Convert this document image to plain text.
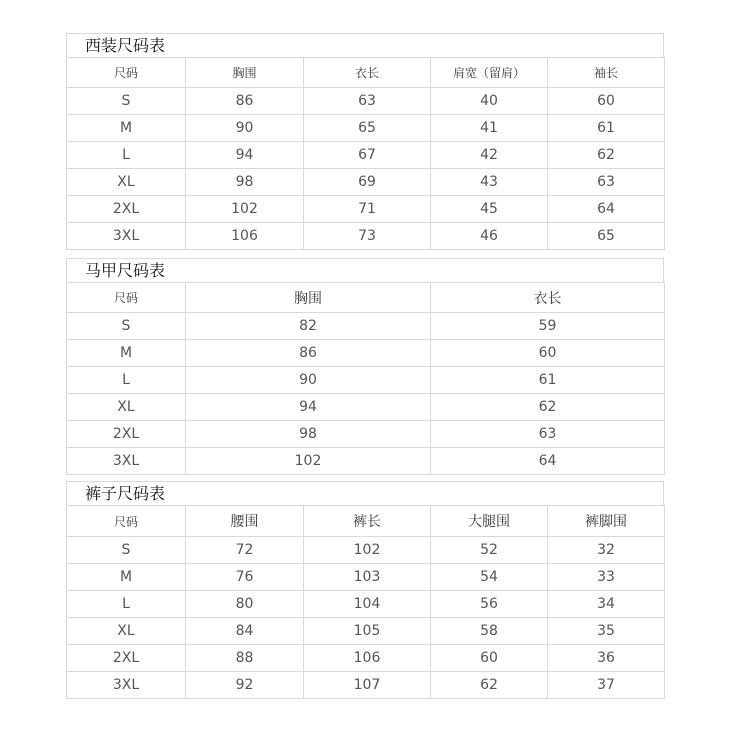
西装尺码表
尺码	胸围	衣长	肩宽（留肩）	袖长
S	86	63	40	60
M	90	65	41	61
L	94	67	42	62
XL	98	69	43	63
2XL	102	71	45	64
3XL	106	73	46	65
马甲尺码表
尺码	胸围	衣长
S	82	59
M	86	60
L	90	61
XL	94	62
2XL	98	63
3XL	102	64
裤子尺码表
尺码	腰围	裤长	大腿围	裤脚围
S	72	102	52	32
M	76	103	54	33
L	80	104	56	34
XL	84	105	58	35
2XL	88	106	60	36
3XL	92	107	62	37
